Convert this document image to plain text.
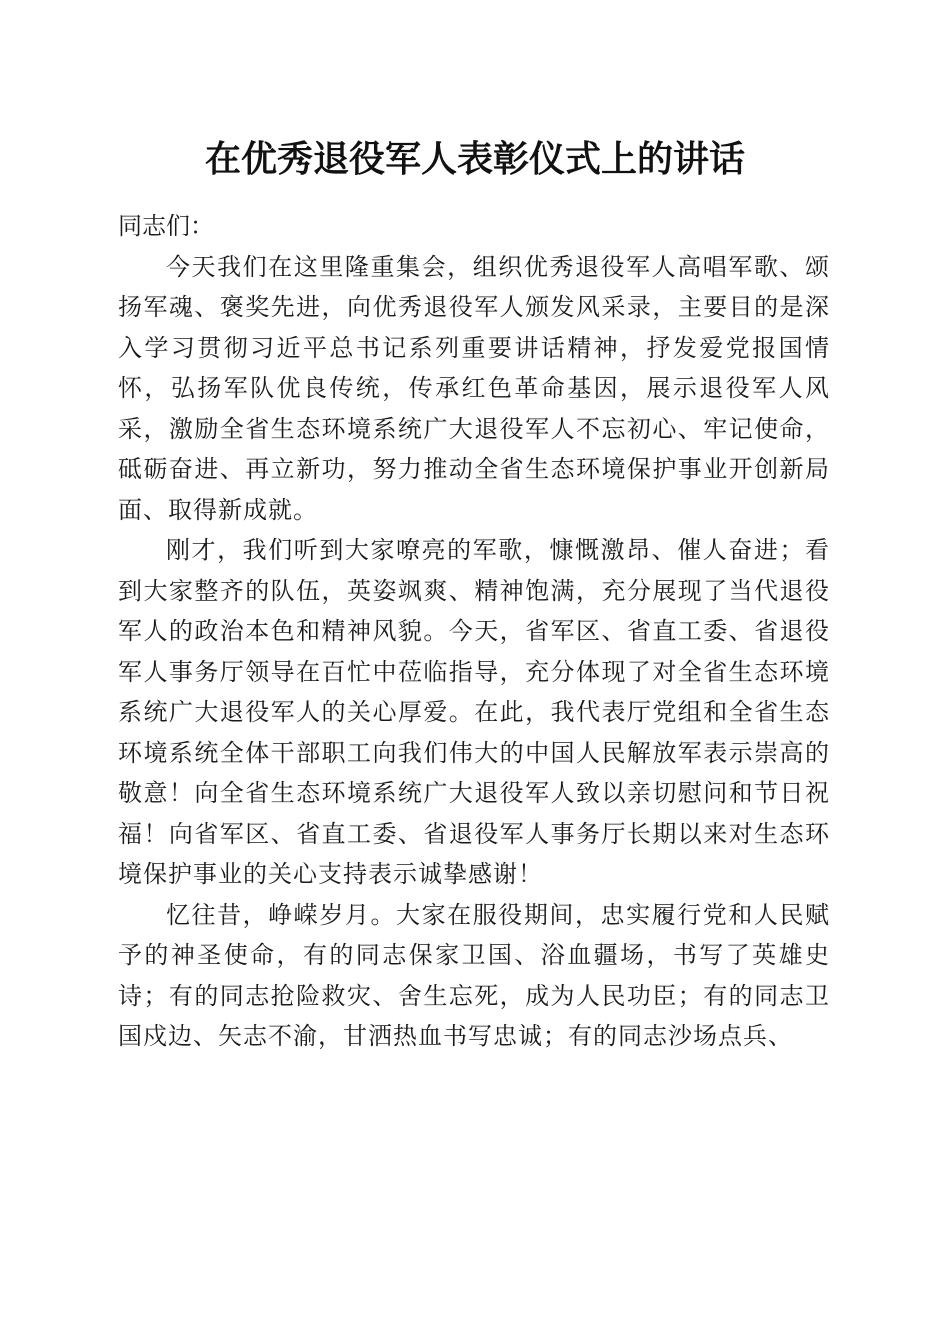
在优秀退役军人表彰仪式上的讲话

同志们：

今天我们在这里隆重集会，组织优秀退役军人高唱军歌、颂扬军魂、褒奖先进，向优秀退役军人颁发风采录，主要目的是深入学习贯彻习近平总书记系列重要讲话精神，抒发爱党报国情怀，弘扬军队优良传统，传承红色革命基因，展示退役军人风采，激励全省生态环境系统广大退役军人不忘初心、牢记使命，砥砺奋进、再立新功，努力推动全省生态环境保护事业开创新局面、取得新成就。

刚才，我们听到大家嘹亮的军歌，慷慨激昂、催人奋进；看到大家整齐的队伍，英姿飒爽、精神饱满，充分展现了当代退役军人的政治本色和精神风貌。今天，省军区、省直工委、省退役军人事务厅领导在百忙中莅临指导，充分体现了对全省生态环境系统广大退役军人的关心厚爱。在此，我代表厅党组和全省生态环境系统全体干部职工向我们伟大的中国人民解放军表示崇高的敬意！向全省生态环境系统广大退役军人致以亲切慰问和节日祝福！向省军区、省直工委、省退役军人事务厅长期以来对生态环境保护事业的关心支持表示诚挚感谢！

忆往昔，峥嵘岁月。大家在服役期间，忠实履行党和人民赋予的神圣使命，有的同志保家卫国、浴血疆场，书写了英雄史诗；有的同志抢险救灾、舍生忘死，成为人民功臣；有的同志卫国戍边、矢志不渝，甘洒热血书写忠诚；有的同志沙场点兵、
